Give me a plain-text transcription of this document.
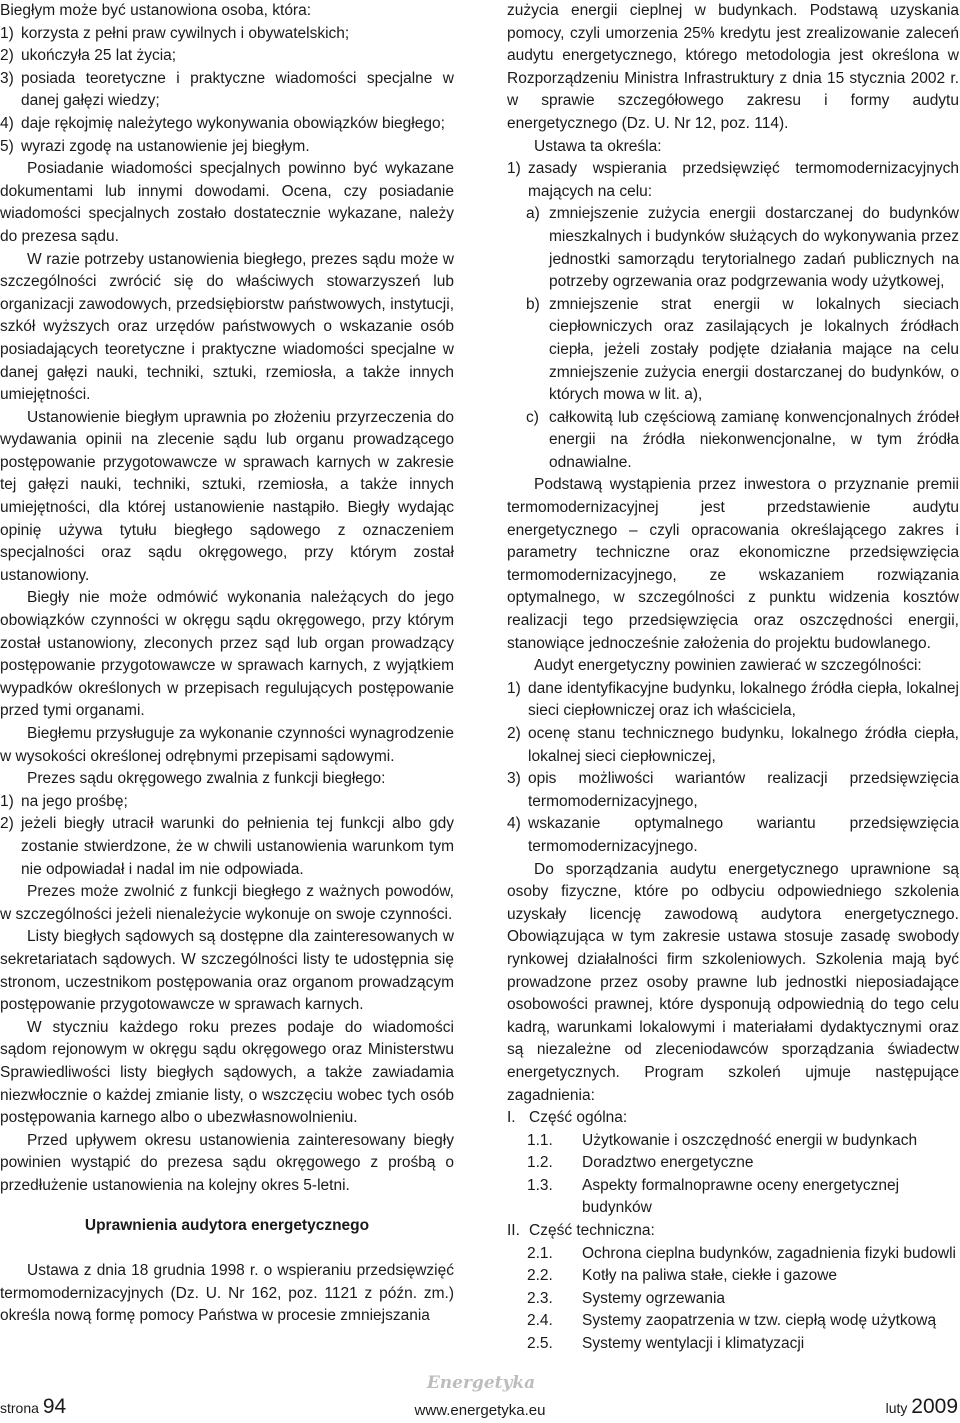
Biegłym może być ustanowiona osoba, która:

1) korzysta z pełni praw cywilnych i obywatelskich;
2) ukończyła 25 lat życia;
3) posiada teoretyczne i praktyczne wiadomości specjalne w danej gałęzi wiedzy;
4) daje rękojmię należytego wykonywania obowiązków biegłego;
5) wyrazi zgodę na ustanowienie jej biegłym.

Posiadanie wiadomości specjalnych powinno być wykazane dokumentami lub innymi dowodami. Ocena, czy posiadanie wiadomości specjalnych zostało dostatecznie wykazane, należy do prezesa sądu.

W razie potrzeby ustanowienia biegłego, prezes sądu może w szczególności zwrócić się do właściwych stowarzyszeń lub organizacji zawodowych, przedsiębiorstw państwowych, instytucji, szkół wyższych oraz urzędów państwowych o wskazanie osób posiadających teoretyczne i praktyczne wiadomości specjalne w danej gałęzi nauki, techniki, sztuki, rzemiosła, a także innych umiejętności.

Ustanowienie biegłym uprawnia po złożeniu przyrzeczenia do wydawania opinii na zlecenie sądu lub organu prowadzącego postępowanie przygotowawcze w sprawach karnych w zakresie tej gałęzi nauki, techniki, sztuki, rzemiosła, a także innych umiejętności, dla której ustanowienie nastąpiło. Biegły wydając opinię używa tytułu biegłego sądowego z oznaczeniem specjalności oraz sądu okręgowego, przy którym został ustanowiony.

Biegły nie może odmówić wykonania należących do jego obowiązków czynności w okręgu sądu okręgowego, przy którym został ustanowiony, zleconych przez sąd lub organ prowadzący postępowanie przygotowawcze w sprawach karnych, z wyjątkiem wypadków określonych w przepisach regulujących postępowanie przed tymi organami.

Biegłemu przysługuje za wykonanie czynności wynagrodzenie w wysokości określonej odrębnymi przepisami sądowymi.

Prezes sądu okręgowego zwalnia z funkcji biegłego:

1) na jego prośbę;
2) jeżeli biegły utracił warunki do pełnienia tej funkcji albo gdy zostanie stwierdzone, że w chwili ustanowienia warunkom tym nie odpowiadał i nadal im nie odpowiada.

Prezes może zwolnić z funkcji biegłego z ważnych powodów, w szczególności jeżeli nienależycie wykonuje on swoje czynności.

Listy biegłych sądowych są dostępne dla zainteresowanych w sekretariatach sądowych. W szczególności listy te udostępnia się stronom, uczestnikom postępowania oraz organom prowadzącym postępowanie przygotowawcze w sprawach karnych.

W styczniu każdego roku prezes podaje do wiadomości sądom rejonowym w okręgu sądu okręgowego oraz Ministerstwu Sprawiedliwości listy biegłych sądowych, a także zawiadamia niezwłocznie o każdej zmianie listy, o wszczęciu wobec tych osób postępowania karnego albo o ubezwłasnowolnieniu.

Przed upływem okresu ustanowienia zainteresowany biegły powinien wystąpić do prezesa sądu okręgowego z prośbą o przedłużenie ustanowienia na kolejny okres 5-letni.

Uprawnienia audytora energetycznego

Ustawa z dnia 18 grudnia 1998 r. o wspieraniu przedsięwzięć termomodernizacyjnych (Dz. U. Nr 162, poz. 1121 z późn. zm.) określa nową formę pomocy Państwa w procesie zmniejszania

zużycia energii cieplnej w budynkach. Podstawą uzyskania pomocy, czyli umorzenia 25% kredytu jest zrealizowanie zaleceń audytu energetycznego, którego metodologia jest określona w Rozporządzeniu Ministra Infrastruktury z dnia 15 stycznia 2002 r. w sprawie szczegółowego zakresu i formy audytu energetycznego (Dz. U. Nr 12, poz. 114).

Ustawa ta określa:

1) zasady wspierania przedsięwzięć termomodernizacyjnych mających na celu:
a) zmniejszenie zużycia energii dostarczanej do budynków mieszkalnych i budynków służących do wykonywania przez jednostki samorządu terytorialnego zadań publicznych na potrzeby ogrzewania oraz podgrzewania wody użytkowej,
b) zmniejszenie strat energii w lokalnych sieciach ciepłowniczych oraz zasilających je lokalnych źródłach ciepła, jeżeli zostały podjęte działania mające na celu zmniejszenie zużycia energii dostarczanej do budynków, o których mowa w lit. a),
c) całkowitą lub częściową zamianę konwencjonalnych źródeł energii na źródła niekonwencjonalne, w tym źródła odnawialne.

Podstawą wystąpienia przez inwestora o przyznanie premii termomodernizacyjnej jest przedstawienie audytu energetycznego – czyli opracowania określającego zakres i parametry techniczne oraz ekonomiczne przedsięwzięcia termomodernizacyjnego, ze wskazaniem rozwiązania optymalnego, w szczególności z punktu widzenia kosztów realizacji tego przedsięwzięcia oraz oszczędności energii, stanowiące jednocześnie założenia do projektu budowlanego.

Audyt energetyczny powinien zawierać w szczególności:

1) dane identyfikacyjne budynku, lokalnego źródła ciepła, lokalnej sieci ciepłowniczej oraz ich właściciela,
2) ocenę stanu technicznego budynku, lokalnego źródła ciepła, lokalnej sieci ciepłowniczej,
3) opis możliwości wariantów realizacji przedsięwzięcia termomodernizacyjnego,
4) wskazanie optymalnego wariantu przedsięwzięcia termomodernizacyjnego.

Do sporządzania audytu energetycznego uprawnione są osoby fizyczne, które po odbyciu odpowiedniego szkolenia uzyskały licencję zawodową audytora energetycznego. Obowiązująca w tym zakresie ustawa stosuje zasadę swobody rynkowej działalności firm szkoleniowych. Szkolenia mają być prowadzone przez osoby prawne lub jednostki nieposiadające osobowości prawnej, które dysponują odpowiednią do tego celu kadrą, warunkami lokalowymi i materiałami dydaktycznymi oraz są niezależne od zleceniodawców sporządzania świadectw energetycznych. Program szkoleń ujmuje następujące zagadnienia:

I. Część ogólna:
1.1. Użytkowanie i oszczędność energii w budynkach
1.2. Doradztwo energetyczne
1.3. Aspekty formalnoprawne oceny energetycznej budynków
II. Część techniczna:
2.1. Ochrona cieplna budynków, zagadnienia fizyki budowli
2.2. Kotły na paliwa stałe, ciekłe i gazowe
2.3. Systemy ogrzewania
2.4. Systemy zaopatrzenia w tzw. ciepłą wodę użytkową
2.5. Systemy wentylacji i klimatyzacji
strona 94
Energetyka
www.energetyka.eu	luty 2009
